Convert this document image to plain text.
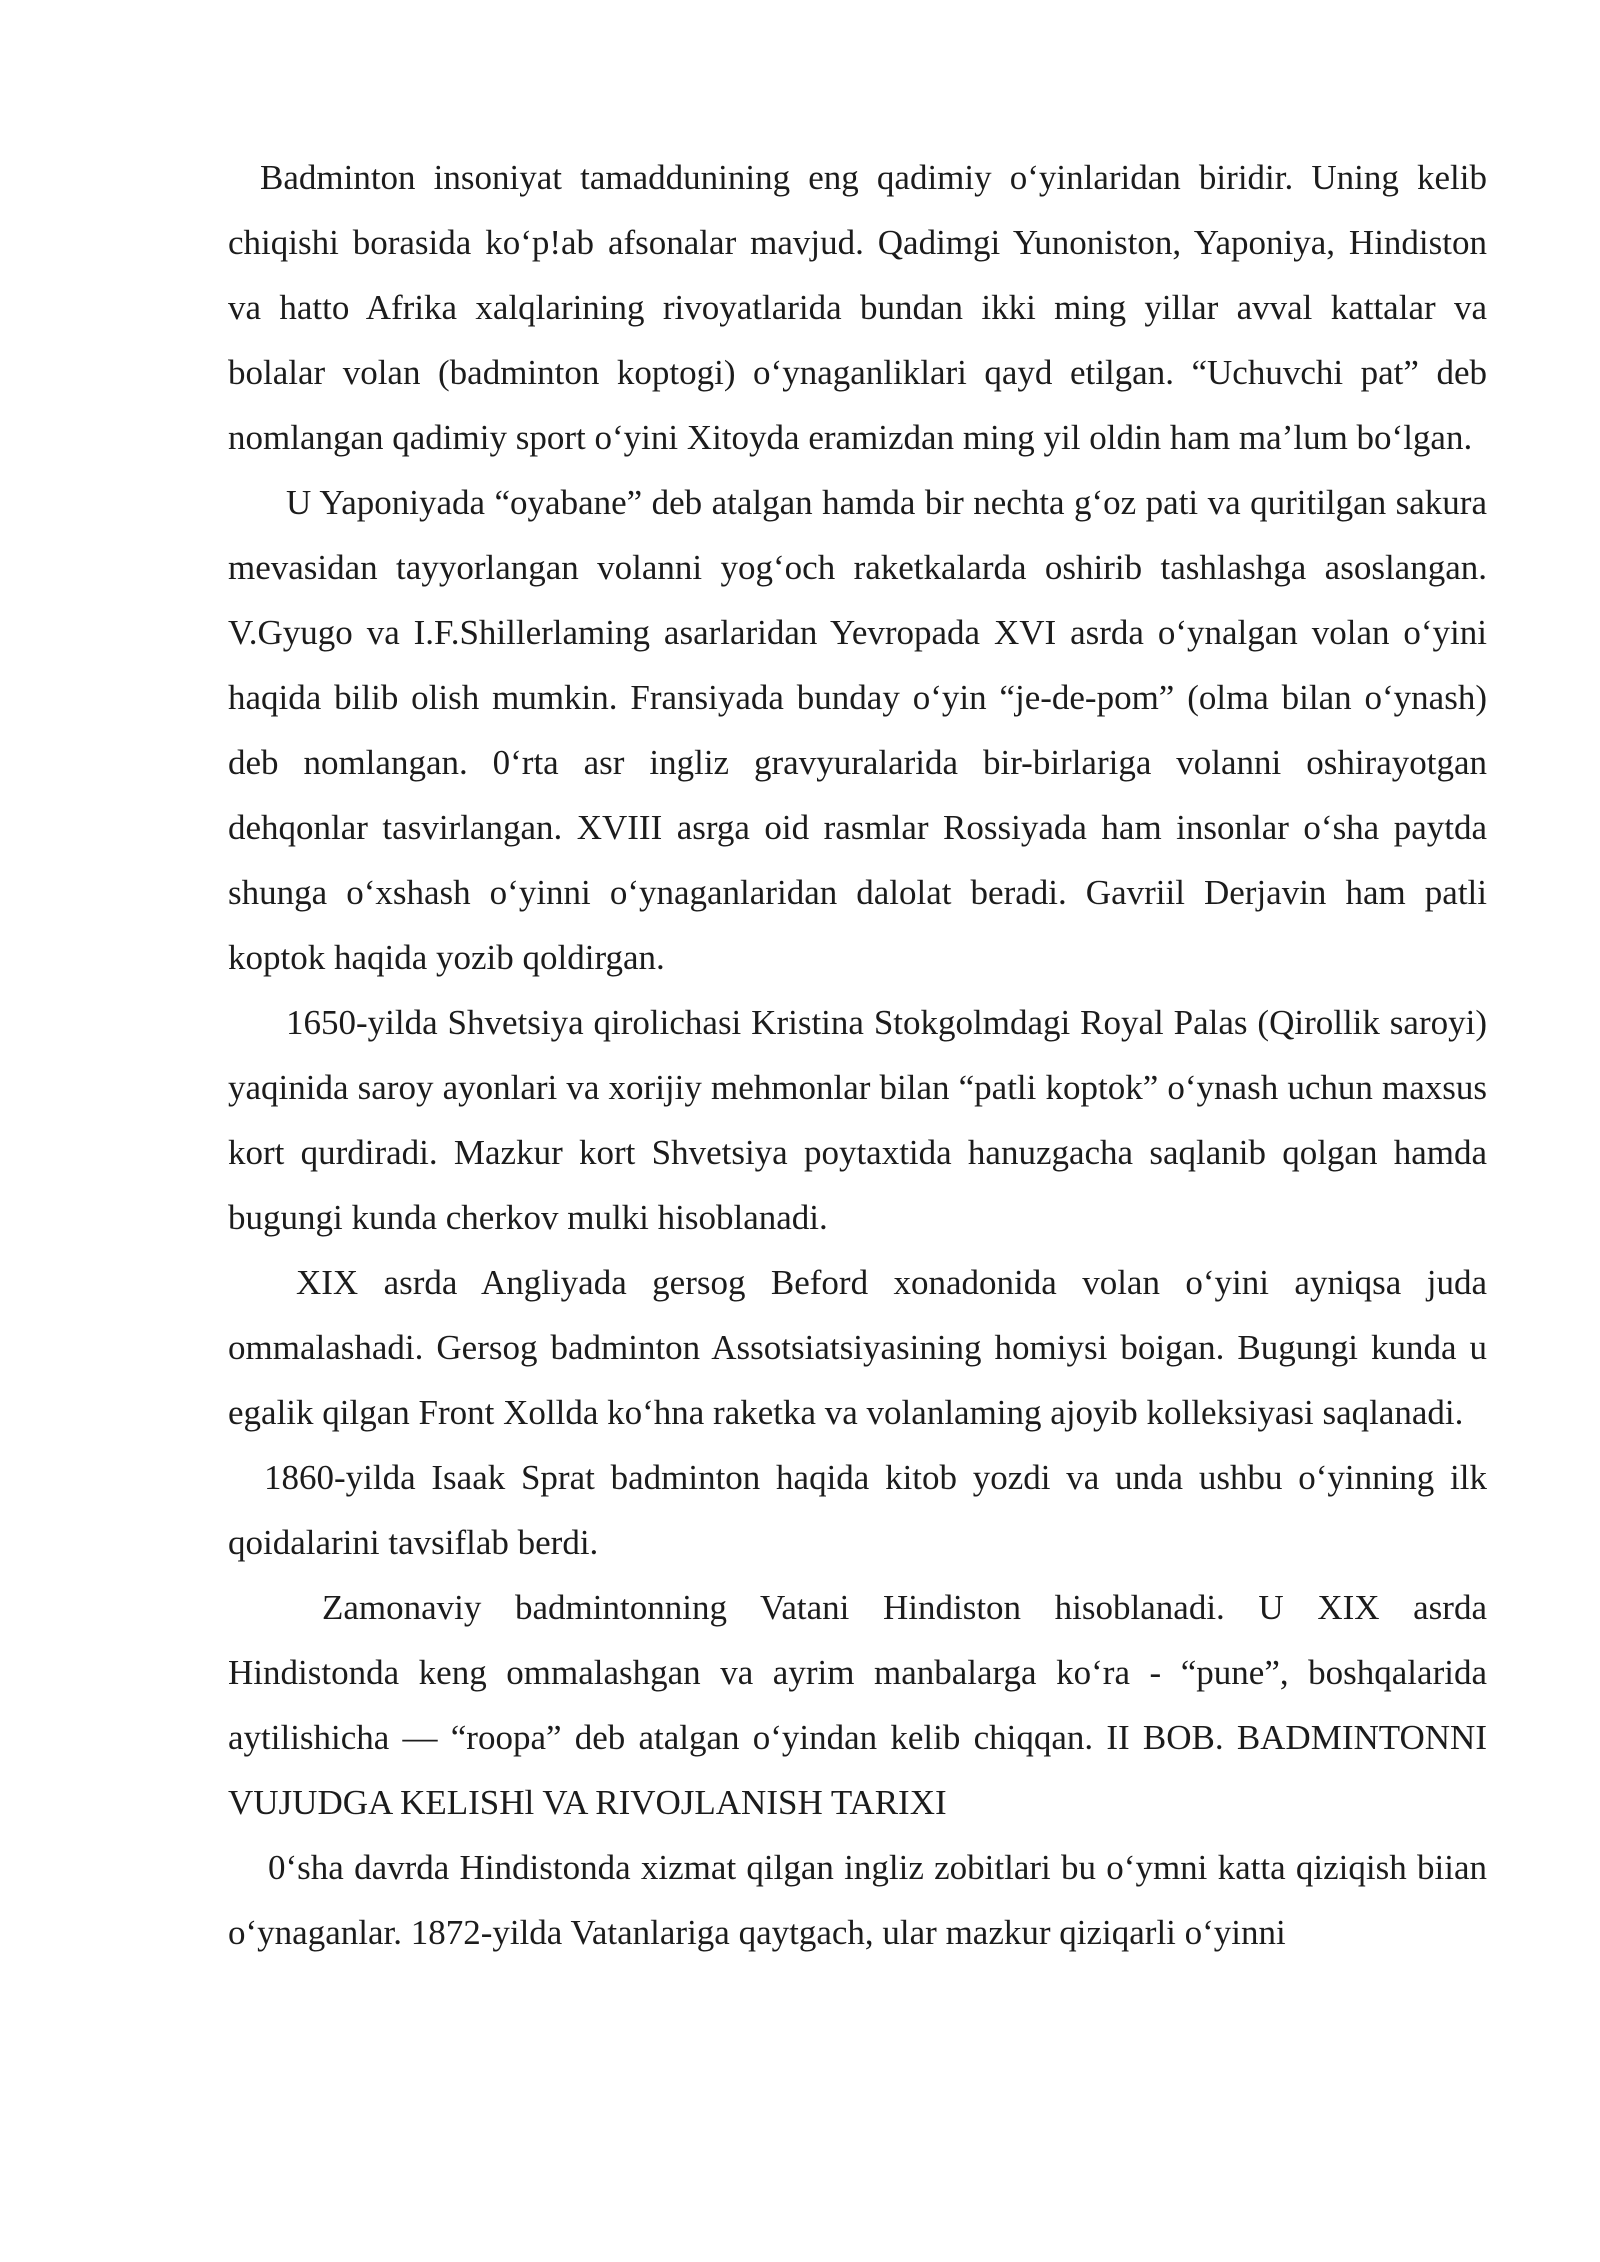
Badminton insoniyat tamaddunining eng qadimiy o‘yinlaridan biridir. Uning kelib chiqishi borasida ko‘p!ab afsonalar mavjud. Qadimgi Yunoniston, Yaponiya, Hindiston va hatto Afrika xalqlarining rivoyatlarida bundan ikki ming yillar avval kattalar va bolalar volan (badminton koptogi) o‘ynaganliklari qayd etilgan. “Uchuvchi pat” deb nomlangan qadimiy sport o‘yini Xitoyda eramizdan ming yil oldin ham ma’lum bo‘lgan.

U Yaponiyada “oyabane” deb atalgan hamda bir nechta g‘oz pati va quritilgan sakura mevasidan tayyorlangan volanni yog‘och raketkalarda oshirib tashlashga asoslangan. V.Gyugo va I.F.Shillerlaming asarlaridan Yevropada XVI asrda o‘ynalgan volan o‘yini haqida bilib olish mumkin. Fransiyada bunday o‘yin “je-de-pom” (olma bilan o‘ynash) deb nomlangan. 0‘rta asr ingliz gravyuralarida bir-birlariga volanni oshirayotgan dehqonlar tasvirlangan. XVIII asrga oid rasmlar Rossiyada ham insonlar o‘sha paytda shunga o‘xshash o‘yinni o‘ynaganlaridan dalolat beradi. Gavriil Derjavin ham patli koptok haqida yozib qoldirgan.

1650-yilda Shvetsiya qirolichasi Kristina Stokgolmdagi Royal Palas (Qirollik saroyi) yaqinida saroy ayonlari va xorijiy mehmonlar bilan “patli koptok” o‘ynash uchun maxsus kort qurdiradi. Mazkur kort Shvetsiya poytaxtida hanuzgacha saqlanib qolgan hamda bugungi kunda cherkov mulki hisoblanadi.

XIX asrda Angliyada gersog Beford xonadonida volan o‘yini ayniqsa juda ommalashadi. Gersog badminton Assotsiatsiyasining homiysi boigan. Bugungi kunda u egalik qilgan Front Xollda ko‘hna raketka va volanlaming ajoyib kolleksiyasi saqlanadi.

1860-yilda Isaak Sprat badminton haqida kitob yozdi va unda ushbu o‘yinning ilk qoidalarini tavsiflab berdi.

Zamonaviy badmintonning Vatani Hindiston hisoblanadi. U XIX asrda Hindistonda keng ommalashgan va ayrim manbalarga ko‘ra - “pune”, boshqalarida aytilishicha — “roopa” deb atalgan o‘yindan kelib chiqqan. II BOB. BADMINTONNI VUJUDGA KELISHl VA RIVOJLANISH TARIXI

0‘sha davrda Hindistonda xizmat qilgan ingliz zobitlari bu o‘ymni katta qiziqish biian o‘ynaganlar. 1872-yilda Vatanlariga qaytgach, ular mazkur qiziqarli o‘yinni
